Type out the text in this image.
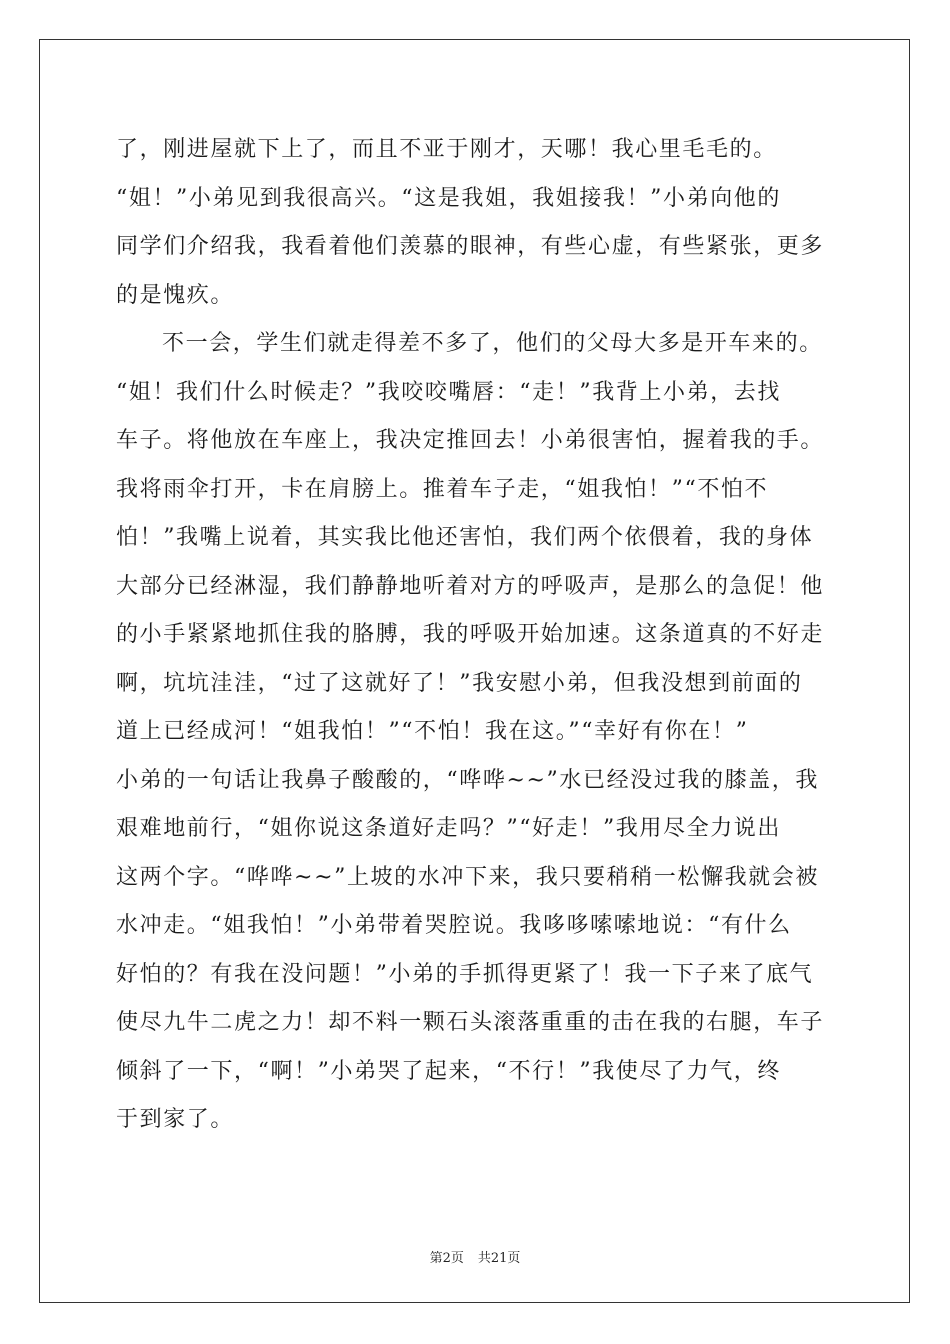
了，刚进屋就下上了，而且不亚于刚才，天哪！我心里毛毛的。
“姐！”小弟见到我很高兴。“这是我姐，我姐接我！”小弟向他的
同学们介绍我，我看着他们羡慕的眼神，有些心虚，有些紧张，更多
的是愧疚。
不一会，学生们就走得差不多了，他们的父母大多是开车来的。
“姐！我们什么时候走？”我咬咬嘴唇：“走！”我背上小弟，去找
车子。将他放在车座上，我决定推回去！小弟很害怕，握着我的手。
我将雨伞打开，卡在肩膀上。推着车子走，“姐我怕！”“不怕不
怕！”我嘴上说着，其实我比他还害怕，我们两个依偎着，我的身体
大部分已经淋湿，我们静静地听着对方的呼吸声，是那么的急促！他
的小手紧紧地抓住我的胳膊，我的呼吸开始加速。这条道真的不好走
啊，坑坑洼洼，“过了这就好了！”我安慰小弟，但我没想到前面的
道上已经成河！“姐我怕！”“不怕！我在这。”“幸好有你在！”
小弟的一句话让我鼻子酸酸的，“哗哗~~”水已经没过我的膝盖，我
艰难地前行，“姐你说这条道好走吗？”“好走！”我用尽全力说出
这两个字。“哗哗~~”上坡的水冲下来，我只要稍稍一松懈我就会被
水冲走。“姐我怕！”小弟带着哭腔说。我哆哆嗦嗦地说：“有什么
好怕的？有我在没问题！”小弟的手抓得更紧了！我一下子来了底气
使尽九牛二虎之力！却不料一颗石头滚落重重的击在我的右腿，车子
倾斜了一下，“啊！”小弟哭了起来，“不行！”我使尽了力气，终
于到家了。
第2页 共21页
